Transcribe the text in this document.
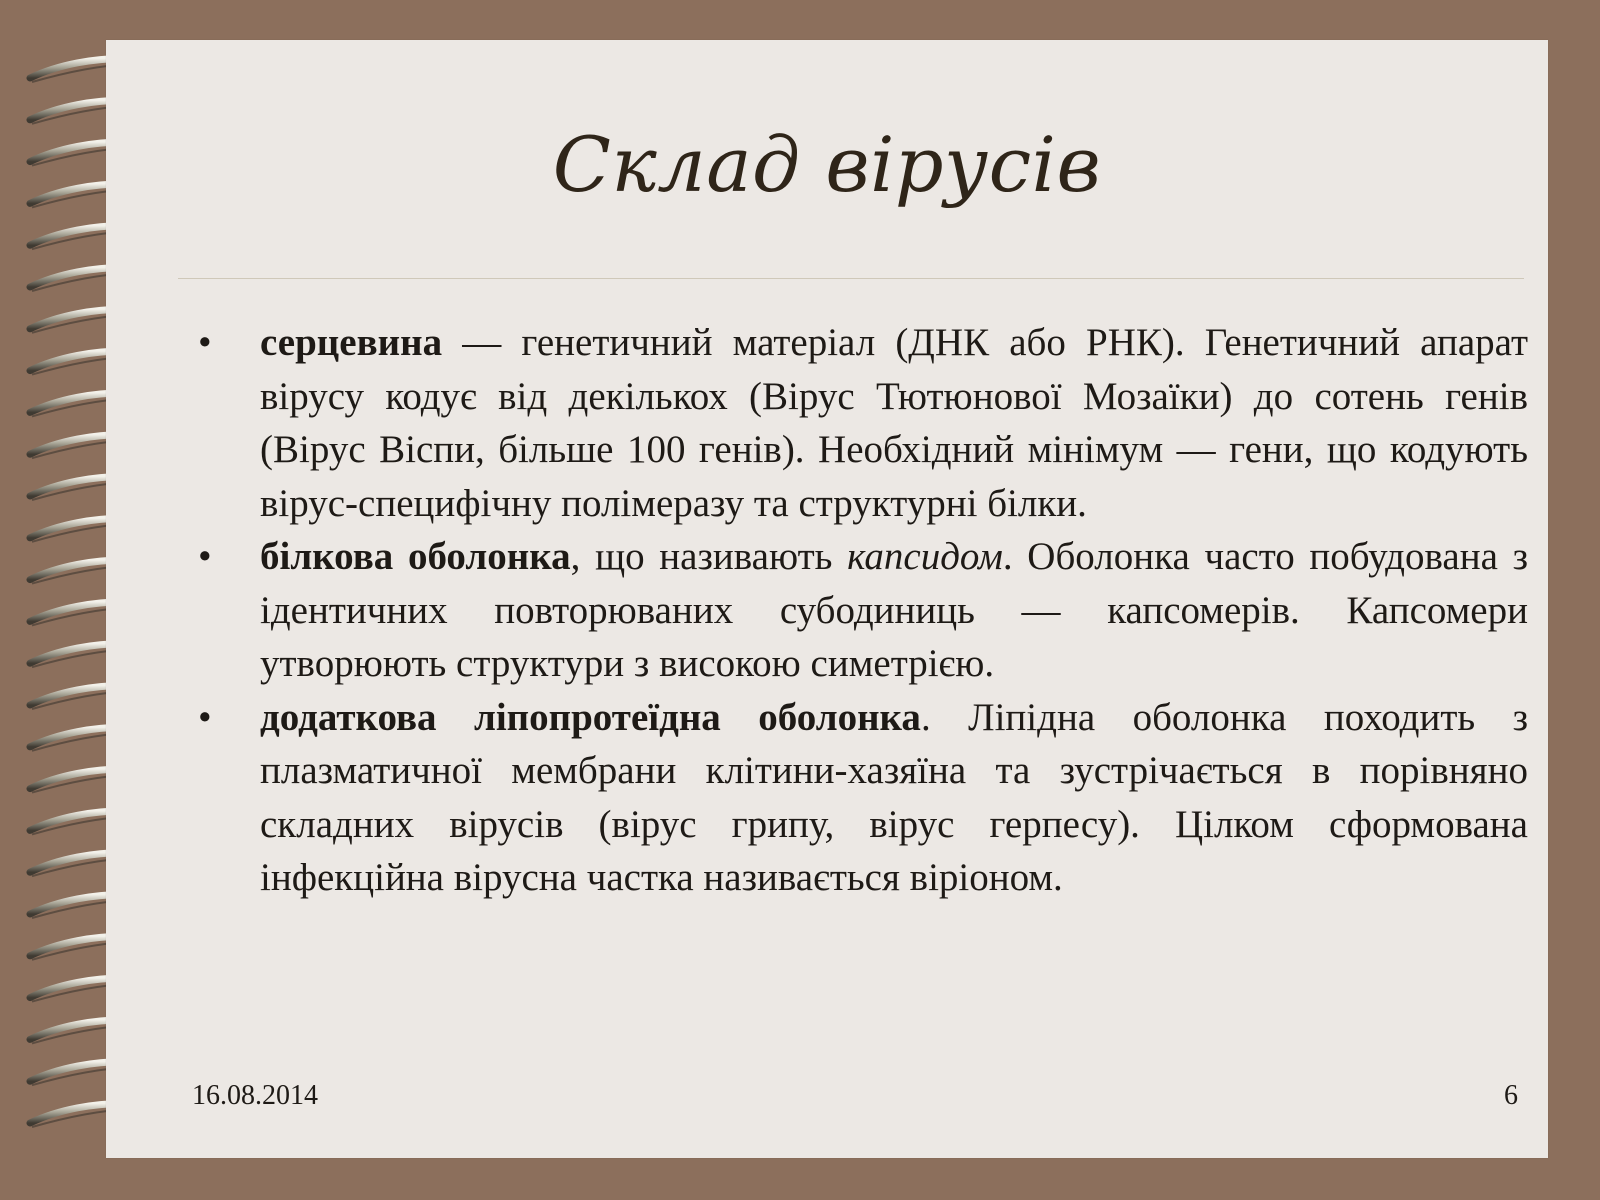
Склад вірусів

•	серцевина — генетичний матеріал (ДНК або РНК). Генетичний апарат вірусу кодує від декількох (Вірус Тютюнової Мозаїки) до сотень генів (Вірус Віспи, більше 100 генів). Необхідний мінімум — гени, що кодують вірус-специфічну полімеразу та структурні білки.

•	білкова оболонка, що називають капсидом. Оболонка часто побудована з ідентичних повторюваних субодиниць — капсомерів. Капсомери утворюють структури з високою симетрією.

•	додаткова ліпопротеїдна оболонка. Ліпідна оболонка походить з плазматичної мембрани клітини-хазяїна та зустрічається в порівняно складних вірусів (вірус грипу, вірус герпесу). Цілком сформована інфекційна вірусна частка називається віріоном.

16.08.2014	6
